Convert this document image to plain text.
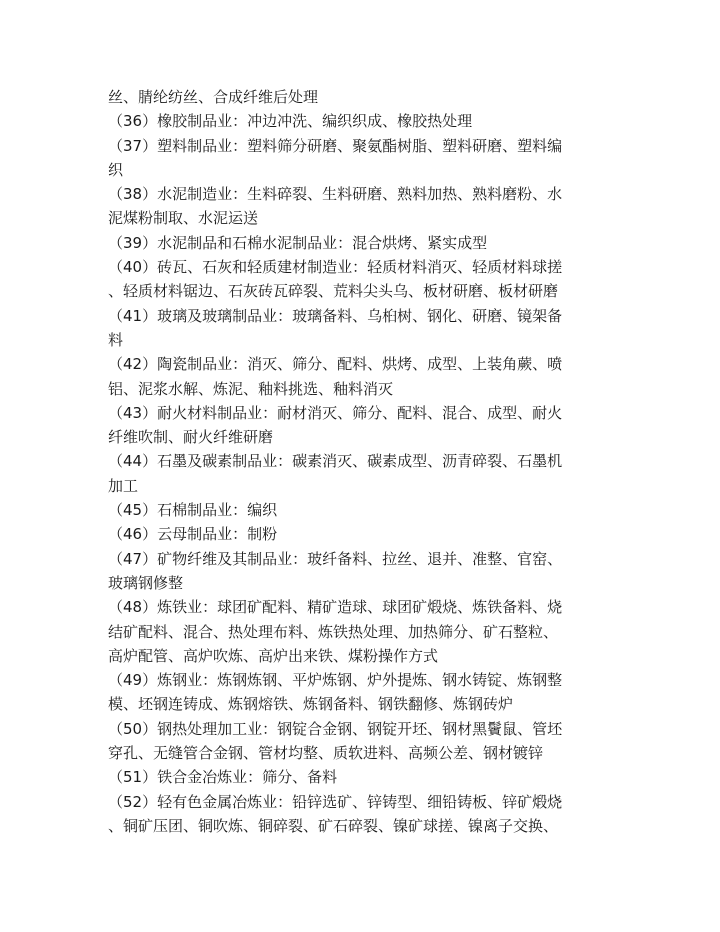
丝、腈纶纺丝、合成纤维后处理
（36）橡胶制品业：冲边冲洗、编织织成、橡胶热处理
（37）塑料制品业：塑料筛分研磨、聚氨酯树脂、塑料研磨、塑料编
织
（38）水泥制造业：生料碎裂、生料研磨、熟料加热、熟料磨粉、水
泥煤粉制取、水泥运送
（39）水泥制品和石棉水泥制品业：混合烘烤、紧实成型
（40）砖瓦、石灰和轻质建材制造业：轻质材料消灭、轻质材料球搓
、轻质材料锯边、石灰砖瓦碎裂、荒料尖头乌、板材研磨、板材研磨
（41）玻璃及玻璃制品业：玻璃备料、乌桕树、钢化、研磨、镜架备
料
（42）陶瓷制品业：消灭、筛分、配料、烘烤、成型、上装角蕨、喷
铝、泥浆水解、炼泥、釉料挑选、釉料消灭
（43）耐火材料制品业：耐材消灭、筛分、配料、混合、成型、耐火
纤维吹制、耐火纤维研磨
（44）石墨及碳素制品业：碳素消灭、碳素成型、沥青碎裂、石墨机
加工
（45）石棉制品业：编织
（46）云母制品业：制粉
（47）矿物纤维及其制品业：玻纤备料、拉丝、退并、准整、官窑、
玻璃钢修整
（48）炼铁业：球团矿配料、精矿造球、球团矿煅烧、炼铁备料、烧
结矿配料、混合、热处理布料、炼铁热处理、加热筛分、矿石整粒、
高炉配管、高炉吹炼、高炉出来铁、煤粉操作方式
（49）炼钢业：炼钢炼钢、平炉炼钢、炉外提炼、钢水铸锭、炼钢整
模、坯钢连铸成、炼钢熔铁、炼钢备料、钢铁翻修、炼钢砖炉
（50）钢热处理加工业：钢锭合金钢、钢锭开坯、钢材黑鬢鼠、管坯
穿孔、无缝管合金钢、管材均整、质软进料、高频公差、钢材镀锌
（51）铁合金冶炼业：筛分、备料
（52）轻有色金属冶炼业：铅锌选矿、锌铸型、细铅铸板、锌矿煅烧
、铜矿压团、铜吹炼、铜碎裂、矿石碎裂、镍矿球搓、镍离子交换、
